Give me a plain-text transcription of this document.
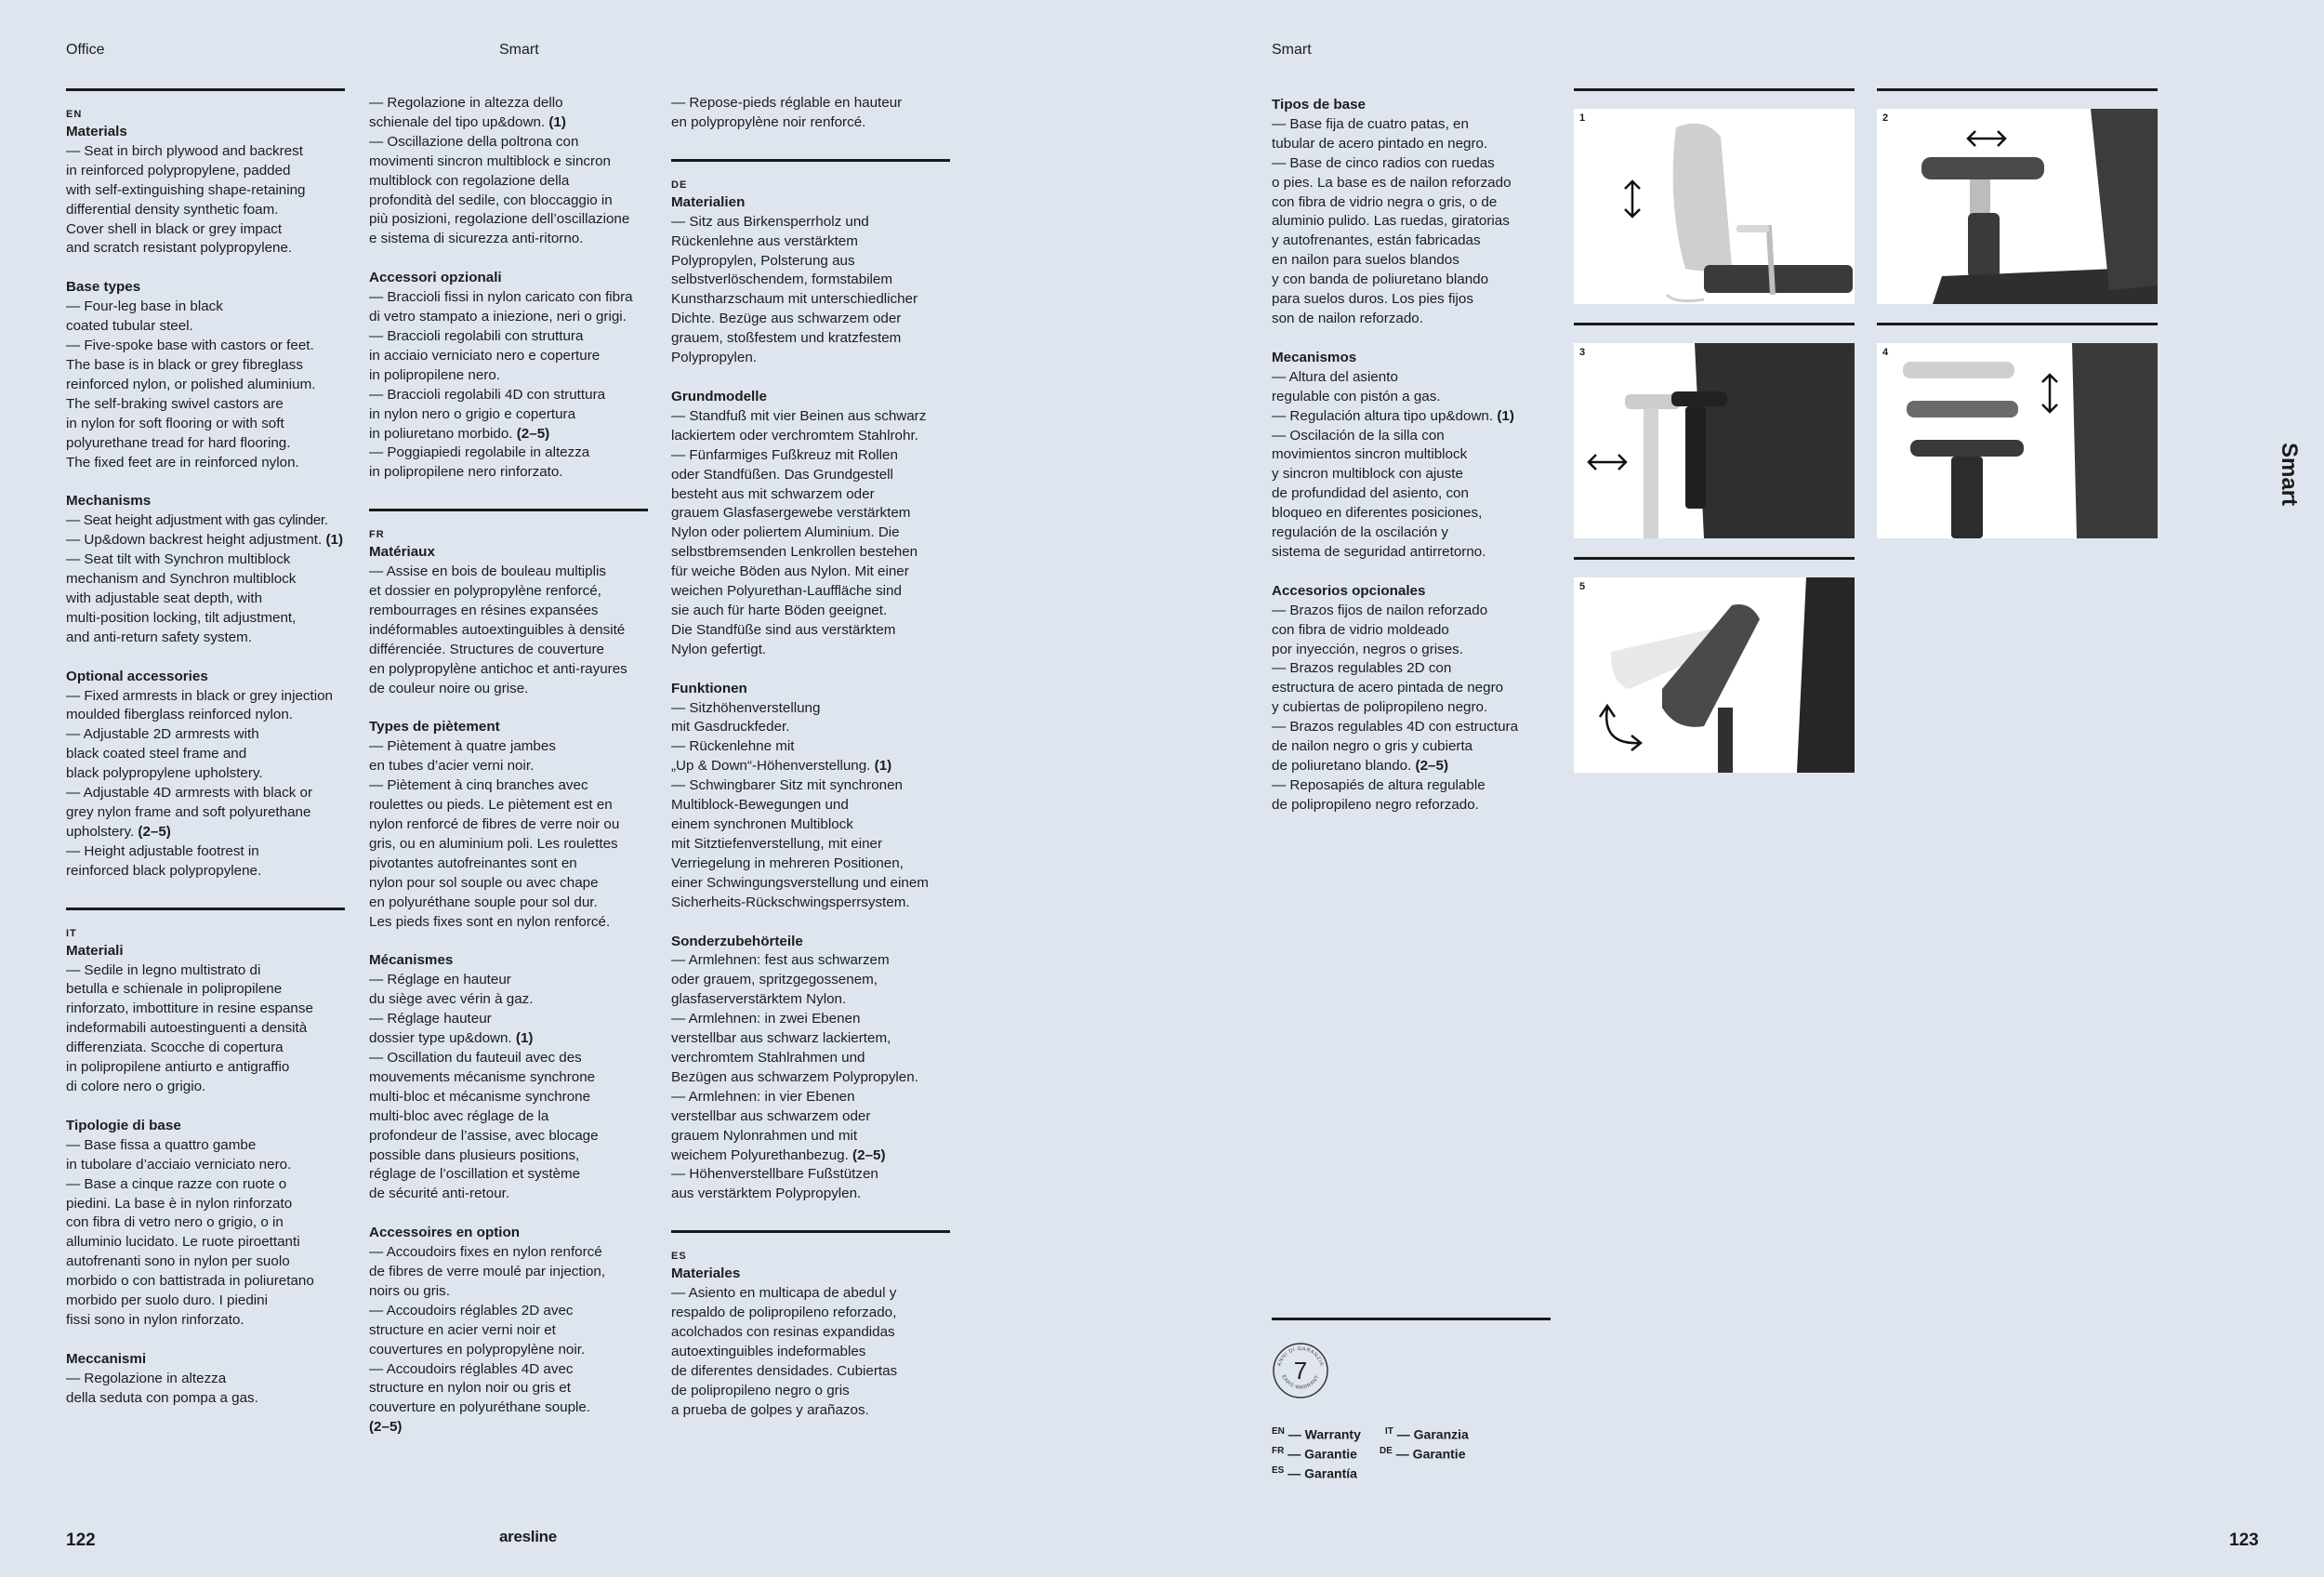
Office	Smart	Smart
EN
Materials
— Seat in birch plywood and backrest
in reinforced polypropylene, padded
with self-extinguishing shape-retaining
differential density synthetic foam.
Cover shell in black or grey impact
and scratch resistant polypropylene.
Base types
— Four-leg base in black
coated tubular steel.
— Five-spoke base with castors or feet.
The base is in black or grey fibreglass
reinforced nylon, or polished aluminium.
The self-braking swivel castors are
in nylon for soft flooring or with soft
polyurethane tread for hard flooring.
The fixed feet are in reinforced nylon.
Mechanisms
— Seat height adjustment with gas cylinder.
— Up&down backrest height adjustment. (1)
— Seat tilt with Synchron multiblock
mechanism and Synchron multiblock
with adjustable seat depth, with
multi-position locking, tilt adjustment,
and anti-return safety system.
Optional accessories
— Fixed armrests in black or grey injection
moulded fiberglass reinforced nylon.
— Adjustable 2D armrests with
black coated steel frame and
black polypropylene upholstery.
— Adjustable 4D armrests with black or
grey nylon frame and soft polyurethane
upholstery. (2–5)
— Height adjustable footrest in
reinforced black polypropylene.
IT
Materiali
— Sedile in legno multistrato di
betulla e schienale in polipropilene
rinforzato, imbottiture in resine espanse
indeformabili autoestinguenti a densità
differenziata. Scocche di copertura
in polipropilene antiurto e antigraffio
di colore nero o grigio.
Tipologie di base
— Base fissa a quattro gambe
in tubolare d’acciaio verniciato nero.
— Base a cinque razze con ruote o
piedini. La base è in nylon rinforzato
con fibra di vetro nero o grigio, o in
alluminio lucidato. Le ruote piroettanti
autofrenanti sono in nylon per suolo
morbido o con battistrada in poliuretano
morbido per suolo duro. I piedini
fissi sono in nylon rinforzato.
Meccanismi
— Regolazione in altezza
della seduta con pompa a gas.
— Regolazione in altezza dello
schienale del tipo up&down. (1)
— Oscillazione della poltrona con
movimenti sincron multiblock e sincron
multiblock con regolazione della
profondità del sedile, con bloccaggio in
più posizioni, regolazione dell’oscillazione
e sistema di sicurezza anti-ritorno.
Accessori opzionali
— Braccioli fissi in nylon caricato con fibra
di vetro stampato a iniezione, neri o grigi.
— Braccioli regolabili con struttura
in acciaio verniciato nero e coperture
in polipropilene nero.
— Braccioli regolabili 4D con struttura
in nylon nero o grigio e copertura
in poliuretano morbido. (2–5)
— Poggiapiedi regolabile in altezza
in polipropilene nero rinforzato.
FR
Matériaux
— Assise en bois de bouleau multiplis
et dossier en polypropylène renforcé,
rembourrages en résines expansées
indéformables autoextinguibles à densité
différenciée. Structures de couverture
en polypropylène antichoc et anti-rayures
de couleur noire ou grise.
Types de piètement
— Piètement à quatre jambes
en tubes d’acier verni noir.
— Piètement à cinq branches avec
roulettes ou pieds. Le piètement est en
nylon renforcé de fibres de verre noir ou
gris, ou en aluminium poli. Les roulettes
pivotantes autofreinantes sont en
nylon pour sol souple ou avec chape
en polyuréthane souple pour sol dur.
Les pieds fixes sont en nylon renforcé.
Mécanismes
— Réglage en hauteur
du siège avec vérin à gaz.
— Réglage hauteur
dossier type up&down. (1)
— Oscillation du fauteuil avec des
mouvements mécanisme synchrone
multi-bloc et mécanisme synchrone
multi-bloc avec réglage de la
profondeur de l’assise, avec blocage
possible dans plusieurs positions,
réglage de l’oscillation et système
de sécurité anti-retour.
Accessoires en option
— Accoudoirs fixes en nylon renforcé
de fibres de verre moulé par injection,
noirs ou gris.
— Accoudoirs réglables 2D avec
structure en acier verni noir et
couvertures en polypropylène noir.
— Accoudoirs réglables 4D avec
structure en nylon noir ou gris et
couverture en polyuréthane souple.
(2–5)
— Repose-pieds réglable en hauteur
en polypropylène noir renforcé.
DE
Materialien
— Sitz aus Birkensperrholz und
Rückenlehne aus verstärktem
Polypropylen, Polsterung aus
selbstverlöschendem, formstabilem
Kunstharzschaum mit unterschiedlicher
Dichte. Bezüge aus schwarzem oder
grauem, stoßfestem und kratzfestem
Polypropylen.
Grundmodelle
— Standfuß mit vier Beinen aus schwarz
lackiertem oder verchromtem Stahlrohr.
— Fünfarmiges Fußkreuz mit Rollen
oder Standfüßen. Das Grundgestell
besteht aus mit schwarzem oder
grauem Glasfasergewebe verstärktem
Nylon oder poliertem Aluminium. Die
selbstbremsenden Lenkrollen bestehen
für weiche Böden aus Nylon. Mit einer
weichen Polyurethan-Lauffläche sind
sie auch für harte Böden geeignet.
Die Standfüße sind aus verstärktem
Nylon gefertigt.
Funktionen
— Sitzhöhenverstellung
mit Gasdruckfeder.
— Rückenlehne mit
„Up & Down“-Höhenverstellung. (1)
— Schwingbarer Sitz mit synchronen
Multiblock-Bewegungen und
einem synchronen Multiblock
mit Sitztiefenverstellung, mit einer
Verriegelung in mehreren Positionen,
einer Schwingungsverstellung und einem
Sicherheits-Rückschwingsperrsystem.
Sonderzubehörteile
— Armlehnen: fest aus schwarzem
oder grauem, spritzgegossenem,
glasfaserverstärktem Nylon.
— Armlehnen: in zwei Ebenen
verstellbar aus schwarz lackiertem,
verchromtem Stahlrahmen und
Bezügen aus schwarzem Polypropylen.
— Armlehnen: in vier Ebenen
verstellbar aus schwarzem oder
grauem Nylonrahmen und mit
weichem Polyurethanbezug. (2–5)
— Höhenverstellbare Fußstützen
aus verstärktem Polypropylen.
ES
Materiales
— Asiento en multicapa de abedul y
respaldo de polipropileno reforzado,
acolchados con resinas expandidas
autoextinguibles indeformables
de diferentes densidades. Cubiertas
de polipropileno negro o gris
a prueba de golpes y arañazos.
Tipos de base
— Base fija de cuatro patas, en
tubular de acero pintado en negro.
— Base de cinco radios con ruedas
o pies. La base es de nailon reforzado
con fibra de vidrio negra o gris, o de
aluminio pulido. Las ruedas, giratorias
y autofrenantes, están fabricadas
en nailon para suelos blandos
y con banda de poliuretano blando
para suelos duros. Los pies fijos
son de nailon reforzado.
Mecanismos
— Altura del asiento
regulable con pistón a gas.
— Regulación altura tipo up&down. (1)
— Oscilación de la silla con
movimientos sincron multiblock
y sincron multiblock con ajuste
de profundidad del asiento, con
bloqueo en diferentes posiciones,
regulación de la oscilación y
sistema de seguridad antirretorno.
Accesorios opcionales
— Brazos fijos de nailon reforzado
con fibra de vidrio moldeado
por inyección, negros o grises.
— Brazos regulables 2D con
estructura de acero pintada de negro
y cubiertas de polipropileno negro.
— Brazos regulables 4D con estructura
de nailon negro o gris y cubierta
de poliuretano blando. (2–5)
— Reposapiés de altura regulable
de polipropileno negro reforzado.
1	2
3	4
5
ANNI DI GARANZIA
EARS WARRANT
7
$^{EN}$ — Warranty	$^{IT}$ — Garanzia
$^{FR}$ — Garantie $^{DE}$ — Garantie
$^{ES}$ — Garantía
Smart
122	aresline	123
